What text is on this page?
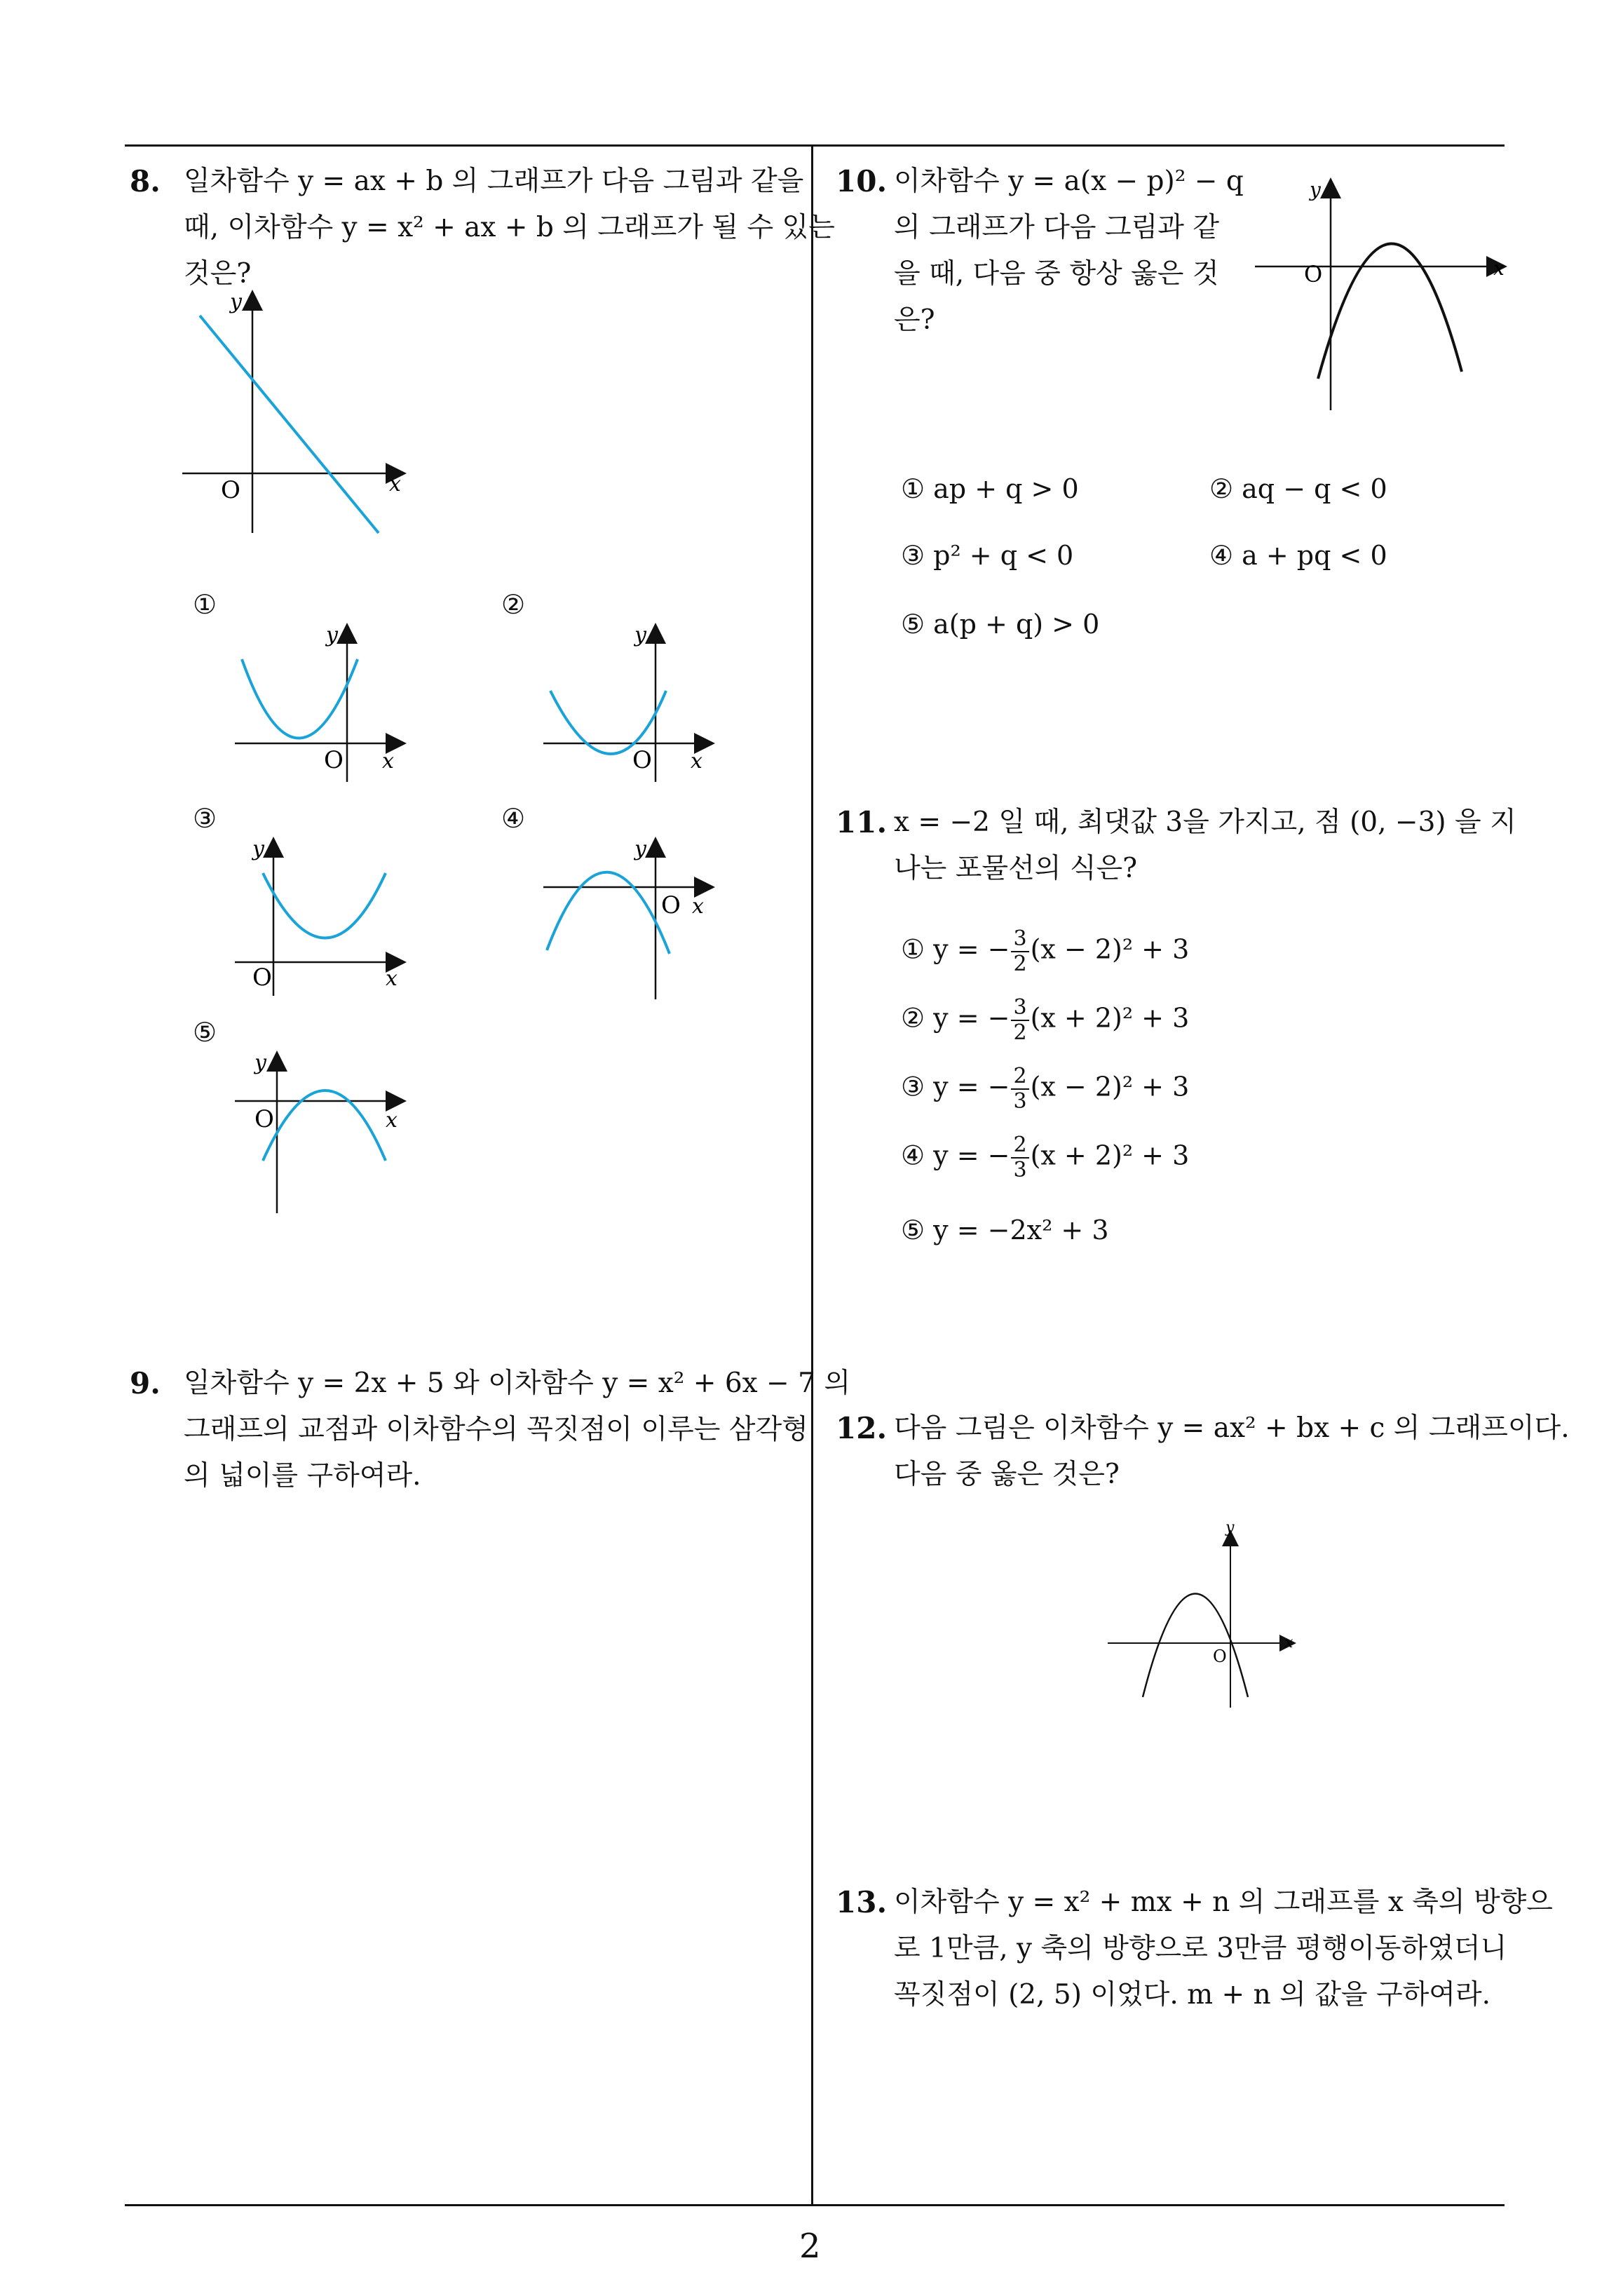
8. 일차함수 y = ax + b 의 그래프가 다음 그림과 같을
때, 이차함수 y = x² + ax + b 의 그래프가 될 수 있는
것은?
y
x
O
①
y
x
O
②
y
x
O
③
y
x
O
④
y
x
O
⑤
y
x
O
9. 일차함수 y = 2x + 5 와 이차함수 y = x² + 6x − 7 의
그래프의 교점과 이차함수의 꼭짓점이 이루는 삼각형
의 넓이를 구하여라.
10. 이차함수 y = a(x − p)² − q
의 그래프가 다음 그림과 같
을 때, 다음 중 항상 옳은 것
은?
y
x
O
① ap + q > 0	② aq − q < 0
③ p² + q < 0	④ a + pq < 0
⑤ a(p + q) > 0
11. x = −2 일 때, 최댓값 3을 가지고, 점 (0, −3) 을 지
나는 포물선의 식은?
① y = − $\frac{3}{2} (x - 2)^2 + 3$
② y = − $\frac{3}{2} (x + 2)^2 + 3$
③ y = − $\frac{2}{3} (x - 2)^2 + 3$
④ y = − $\frac{2}{3} (x + 2)^2 + 3$
⑤ y = −2x² + 3
12. 다음 그림은 이차함수 y = ax² + bx + c 의 그래프이다.
다음 중 옳은 것은?
y
x
O
13. 이차함수 y = x² + mx + n 의 그래프를 x 축의 방향으
로 1만큼, y 축의 방향으로 3만큼 평행이동하였더니
꼭짓점이 (2, 5) 이었다. m + n 의 값을 구하여라.
2
